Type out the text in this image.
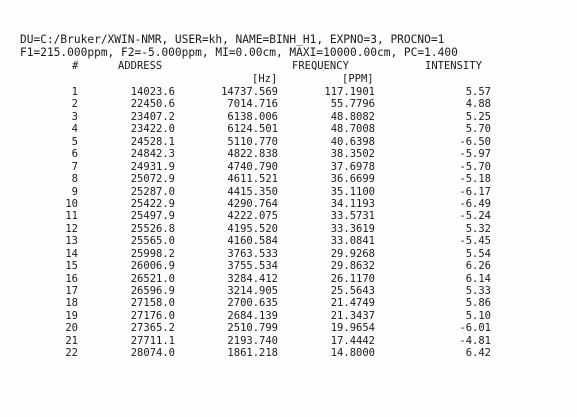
DU=C:/Bruker/XWIN-NMR, USER=kh, NAME=BINH_H1, EXPNO=3, PROCNO=1
F1=215.000ppm, F2=-5.000ppm, MI=0.00cm, MAXI=10000.00cm, PC=1.400
#	ADDRESS	FREQUENCY	INTENSITY
[Hz]	[PPM]
1	14023.6	14737.569	117.1901	5.57
2	22450.6	7014.716	55.7796	4.88
3	23407.2	6138.006	48.8082	5.25
4	23422.0	6124.501	48.7008	5.70
5	24528.1	5110.770	40.6398	-6.50
6	24842.3	4822.838	38.3502	-5.97
7	24931.9	4740.790	37.6978	-5.70
8	25072.9	4611.521	36.6699	-5.18
9	25287.0	4415.350	35.1100	-6.17
10	25422.9	4290.764	34.1193	-6.49
11	25497.9	4222.075	33.5731	-5.24
12	25526.8	4195.520	33.3619	5.32
13	25565.0	4160.584	33.0841	-5.45
14	25998.2	3763.533	29.9268	5.54
15	26006.9	3755.534	29.8632	6.26
16	26521.0	3284.412	26.1170	6.14
17	26596.9	3214.905	25.5643	5.33
18	27158.0	2700.635	21.4749	5.86
19	27176.0	2684.139	21.3437	5.10
20	27365.2	2510.799	19.9654	-6.01
21	27711.1	2193.740	17.4442	-4.81
22	28074.0	1861.218	14.8000	6.42
